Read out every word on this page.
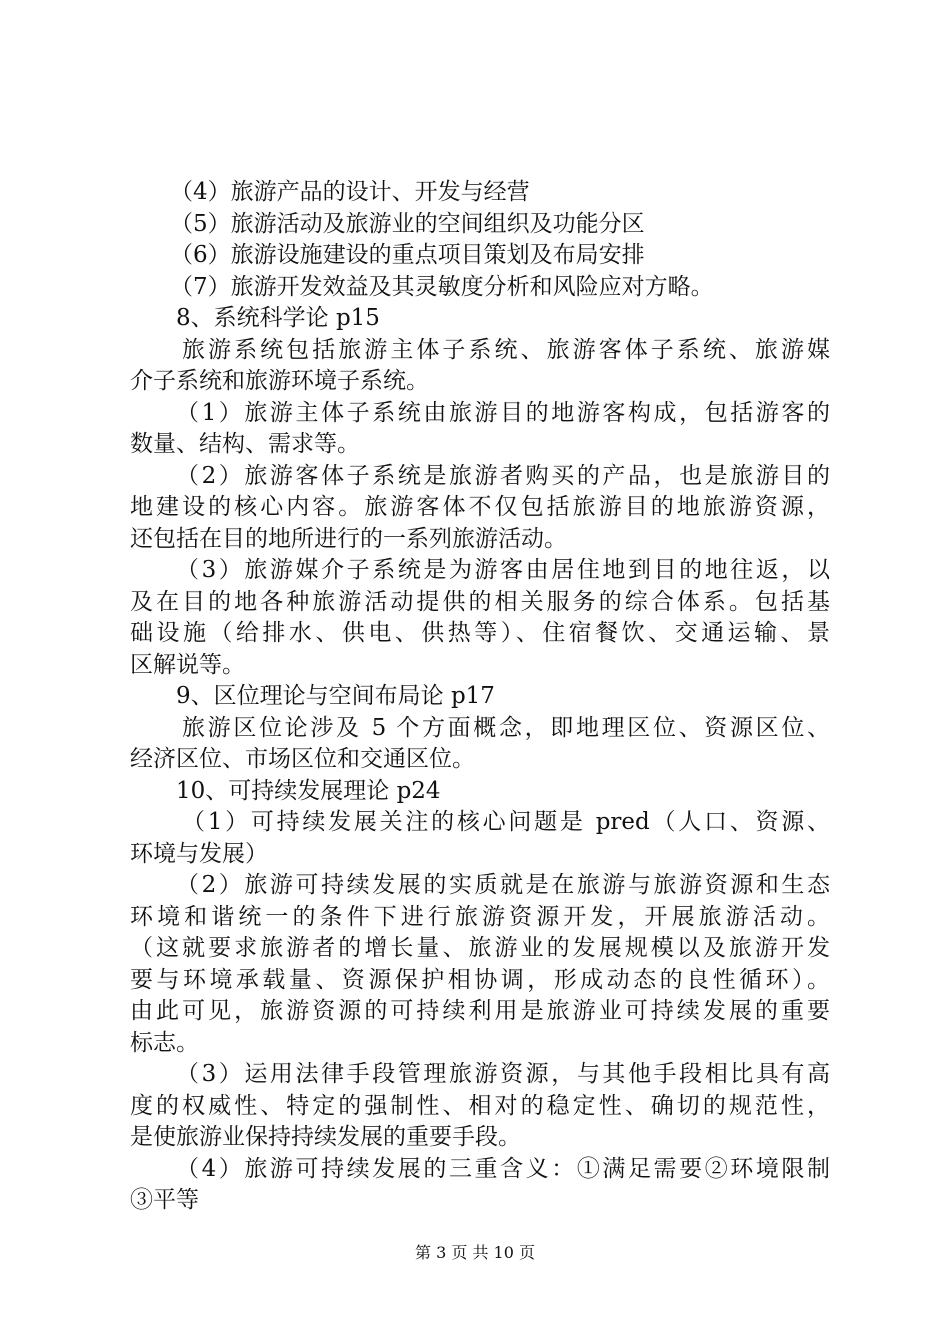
（4）旅游产品的设计、开发与经营
（5）旅游活动及旅游业的空间组织及功能分区
（6）旅游设施建设的重点项目策划及布局安排
（7）旅游开发效益及其灵敏度分析和风险应对方略。
8、系统科学论 p15
旅游系统包括旅游主体子系统、旅游客体子系统、旅游媒
介子系统和旅游环境子系统。
（1）旅游主体子系统由旅游目的地游客构成，包括游客的
数量、结构、需求等。
（2）旅游客体子系统是旅游者购买的产品，也是旅游目的
地建设的核心内容。旅游客体不仅包括旅游目的地旅游资源，
还包括在目的地所进行的一系列旅游活动。
（3）旅游媒介子系统是为游客由居住地到目的地往返，以
及在目的地各种旅游活动提供的相关服务的综合体系。包括基
础设施（给排水、供电、供热等）、住宿餐饮、交通运输、景
区解说等。
9、区位理论与空间布局论 p17
旅游区位论涉及 5 个方面概念，即地理区位、资源区位、
经济区位、市场区位和交通区位。
10、可持续发展理论 p24
（1）可持续发展关注的核心问题是 pred（人口、资源、
环境与发展）
（2）旅游可持续发展的实质就是在旅游与旅游资源和生态
环境和谐统一的条件下进行旅游资源开发，开展旅游活动。
（这就要求旅游者的增长量、旅游业的发展规模以及旅游开发
要与环境承载量、资源保护相协调，形成动态的良性循环）。
由此可见，旅游资源的可持续利用是旅游业可持续发展的重要
标志。
（3）运用法律手段管理旅游资源，与其他手段相比具有高
度的权威性、特定的强制性、相对的稳定性、确切的规范性，
是使旅游业保持持续发展的重要手段。
（4）旅游可持续发展的三重含义：①满足需要②环境限制
③平等
第 3 页 共 10 页
